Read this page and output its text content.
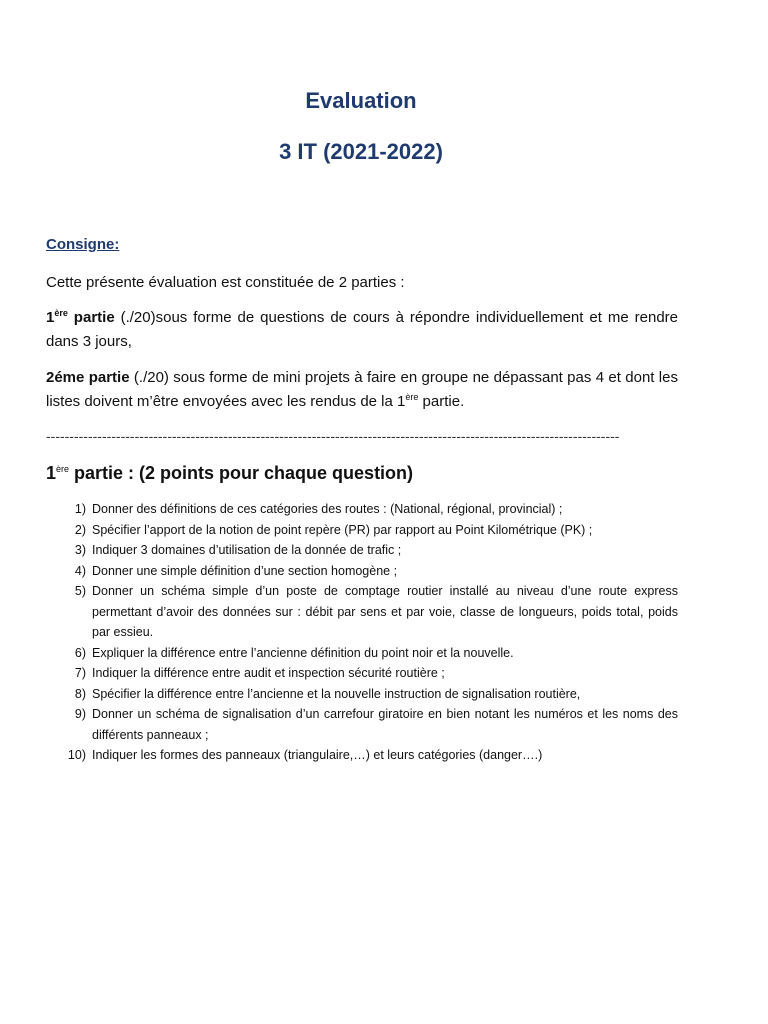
Evaluation
3 IT (2021-2022)
Consigne:
Cette présente évaluation est constituée de 2 parties :
1ère partie (./20)sous forme de questions de cours à répondre individuellement et me rendre dans 3 jours,
2éme partie (./20) sous forme de mini projets à faire en groupe ne dépassant pas 4 et dont les listes doivent m’être envoyées avec les rendus de la 1ère partie.
---------------------------------------------------------------------------------------------------------------------------
1ère partie : (2 points pour chaque question)
1) Donner des définitions de ces catégories des routes : (National, régional, provincial) ;
2) Spécifier l’apport de la notion de point repère (PR) par rapport au Point Kilométrique (PK) ;
3) Indiquer 3 domaines d’utilisation de la donnée de trafic ;
4) Donner une simple définition d’une section homogène ;
5) Donner un schéma simple d’un poste de comptage routier installé au niveau d’une route express permettant d’avoir des données sur : débit par sens et par voie, classe de longueurs, poids total, poids par essieu.
6) Expliquer la différence entre l’ancienne définition du point noir et la nouvelle.
7) Indiquer la différence entre audit et inspection sécurité routière ;
8) Spécifier la différence entre l’ancienne et la nouvelle instruction de signalisation routière,
9) Donner un schéma de signalisation d’un carrefour giratoire en bien notant les numéros et les noms des différents panneaux ;
10) Indiquer les formes des panneaux (triangulaire,…) et leurs catégories (danger….)
